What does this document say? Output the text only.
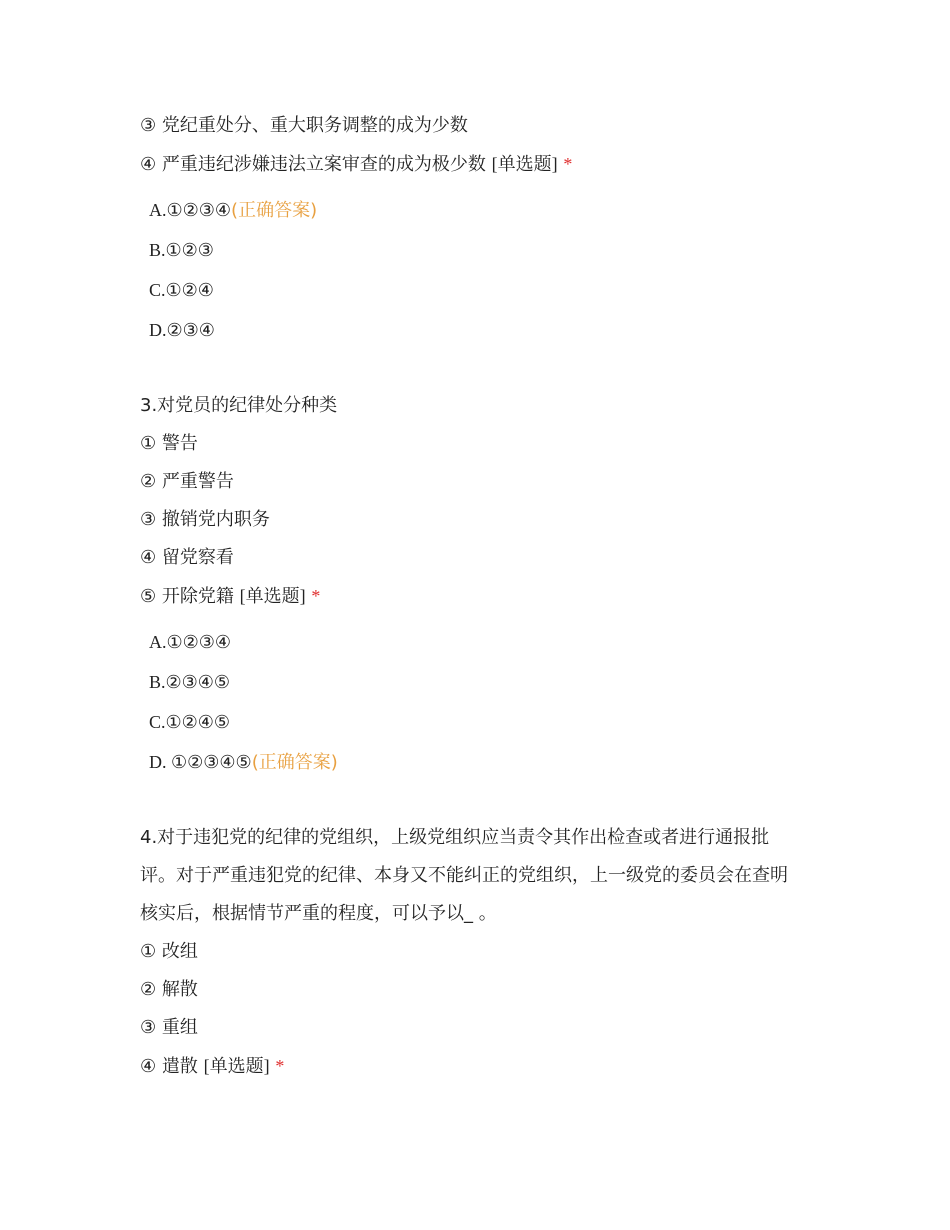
③ 党纪重处分、重大职务调整的成为少数
④ 严重违纪涉嫌违法立案审查的成为极少数 [单选题] *
A.①②③④(正确答案)
B.①②③
C.①②④
D.②③④
3.对党员的纪律处分种类
① 警告
② 严重警告
③ 撤销党内职务
④ 留党察看
⑤ 开除党籍 [单选题] *
A.①②③④
B.②③④⑤
C.①②④⑤
D. ①②③④⑤(正确答案)
4.对于违犯党的纪律的党组织，上级党组织应当责令其作出检查或者进行通报批
评。对于严重违犯党的纪律、本身又不能纠正的党组织，上一级党的委员会在查明
核实后，根据情节严重的程度，可以予以_ 。
① 改组
② 解散
③ 重组
④ 遣散 [单选题] *
